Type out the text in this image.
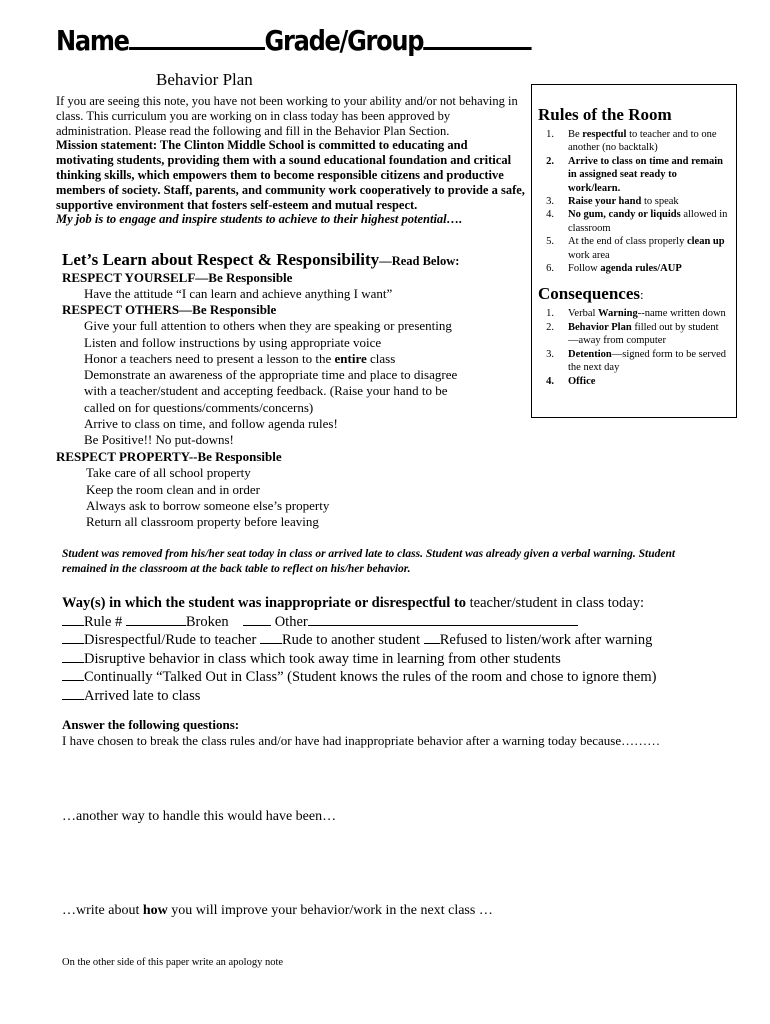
Name	Grade/Group
Behavior Plan

If you are seeing this note, you have not been working to your ability and/or not behaving in class. This curriculum you are working on in class today has been approved by administration. Please read the following and fill in the Behavior Plan Section.

Mission statement: The Clinton Middle School is committed to educating and motivating students, providing them with a sound educational foundation and critical thinking skills, which empowers them to become responsible citizens and productive members of society. Staff, parents, and community work cooperatively to provide a safe, supportive environment that fosters self-esteem and mutual respect.

My job is to engage and inspire students to achieve to their highest potential….

Let’s Learn about Respect & Responsibility—Read Below:
RESPECT YOURSELF—Be Responsible
Have the attitude “I can learn and achieve anything I want”
RESPECT OTHERS—Be Responsible
Give your full attention to others when they are speaking or presenting
Listen and follow instructions by using appropriate voice
Honor a teachers need to present a lesson to the entire class
Demonstrate an awareness of the appropriate time and place to disagree
with a teacher/student and accepting feedback. (Raise your hand to be
called on for questions/comments/concerns)
Arrive to class on time, and follow agenda rules!
Be Positive!! No put-downs!
RESPECT PROPERTY--Be Responsible
Take care of all school property
Keep the room clean and in order
Always ask to borrow someone else’s property
Return all classroom property before leaving
Rules of the Room
1.	Be respectful to teacher and to one another (no backtalk)
2.	Arrive to class on time and remain in assigned seat ready to work/learn.
3.	Raise your hand to speak
4.	No gum, candy or liquids allowed in classroom
5.	At the end of class properly clean up work area
6.	Follow agenda rules/AUP
Consequences:
1.	Verbal Warning--name written down
2.	Behavior Plan filled out by student—away from computer
3.	Detention—signed form to be served the next day
4.	Office
Student was removed from his/her seat today in class or arrived late to class. Student was already given a verbal warning. Student remained in the classroom at the back table to reflect on his/her behavior.
Way(s) in which the student was inappropriate or disrespectful to teacher/student in class today:
Rule #	Broken	Other
Disrespectful/Rude to teacher Rude to another student Refused to listen/work after warning
Disruptive behavior in class which took away time in learning from other students
Continually “Talked Out in Class” (Student knows the rules of the room and chose to ignore them)
Arrived late to class
Answer the following questions:
I have chosen to break the class rules and/or have had inappropriate behavior after a warning today because………
…another way to handle this would have been…
…write about how you will improve your behavior/work in the next class …
On the other side of this paper write an apology note
